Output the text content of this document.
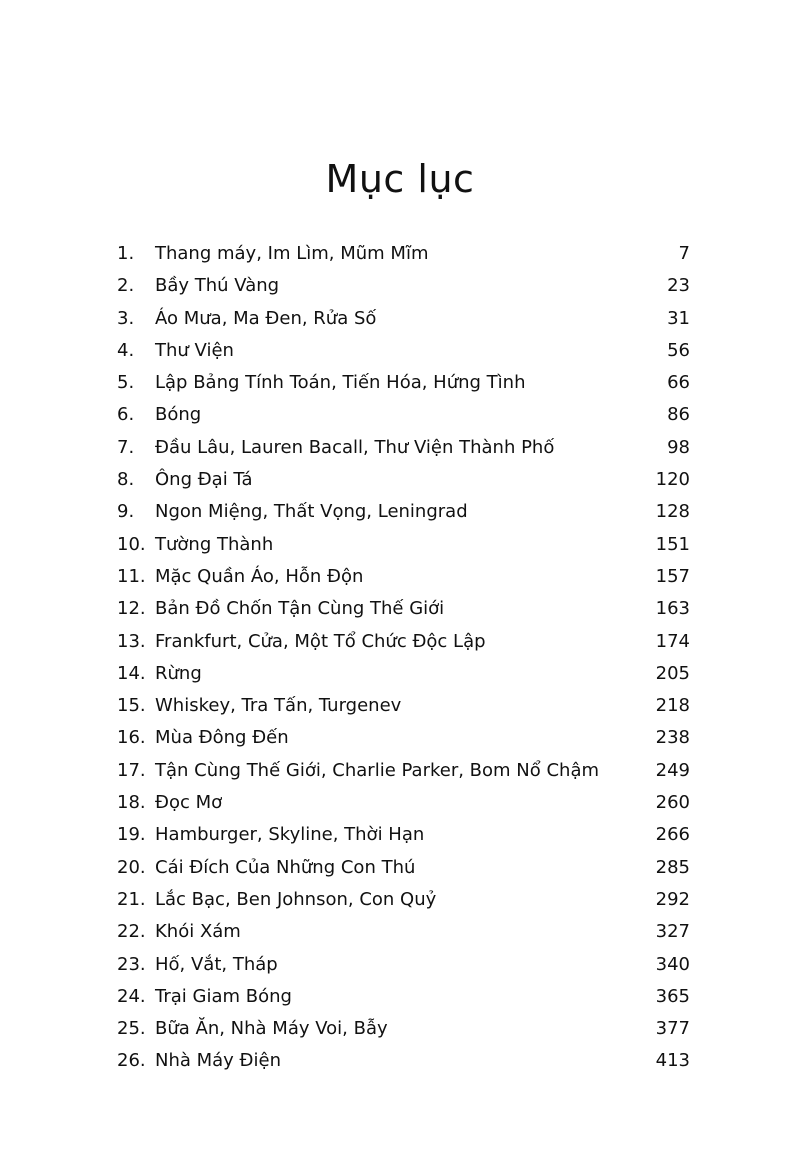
Mục lục
1. Thang máy, Im Lìm, Mũm Mĩm	7
2. Bầy Thú Vàng	23
3. Áo Mưa, Ma Đen, Rửa Số	31
4. Thư Viện	56
5. Lập Bảng Tính Toán, Tiến Hóa, Hứng Tình	66
6. Bóng	86
7. Đầu Lâu, Lauren Bacall, Thư Viện Thành Phố	98
8. Ông Đại Tá	120
9. Ngon Miệng, Thất Vọng, Leningrad	128
10. Tường Thành	151
11. Mặc Quần Áo, Hỗn Độn	157
12. Bản Đồ Chốn Tận Cùng Thế Giới	163
13. Frankfurt, Cửa, Một Tổ Chức Độc Lập	174
14. Rừng	205
15. Whiskey, Tra Tấn, Turgenev	218
16. Mùa Đông Đến	238
17. Tận Cùng Thế Giới, Charlie Parker, Bom Nổ Chậm	249
18. Đọc Mơ	260
19. Hamburger, Skyline, Thời Hạn	266
20. Cái Đích Của Những Con Thú	285
21. Lắc Bạc, Ben Johnson, Con Quỷ	292
22. Khói Xám	327
23. Hố, Vắt, Tháp	340
24. Trại Giam Bóng	365
25. Bữa Ăn, Nhà Máy Voi, Bẫy	377
26. Nhà Máy Điện	413
